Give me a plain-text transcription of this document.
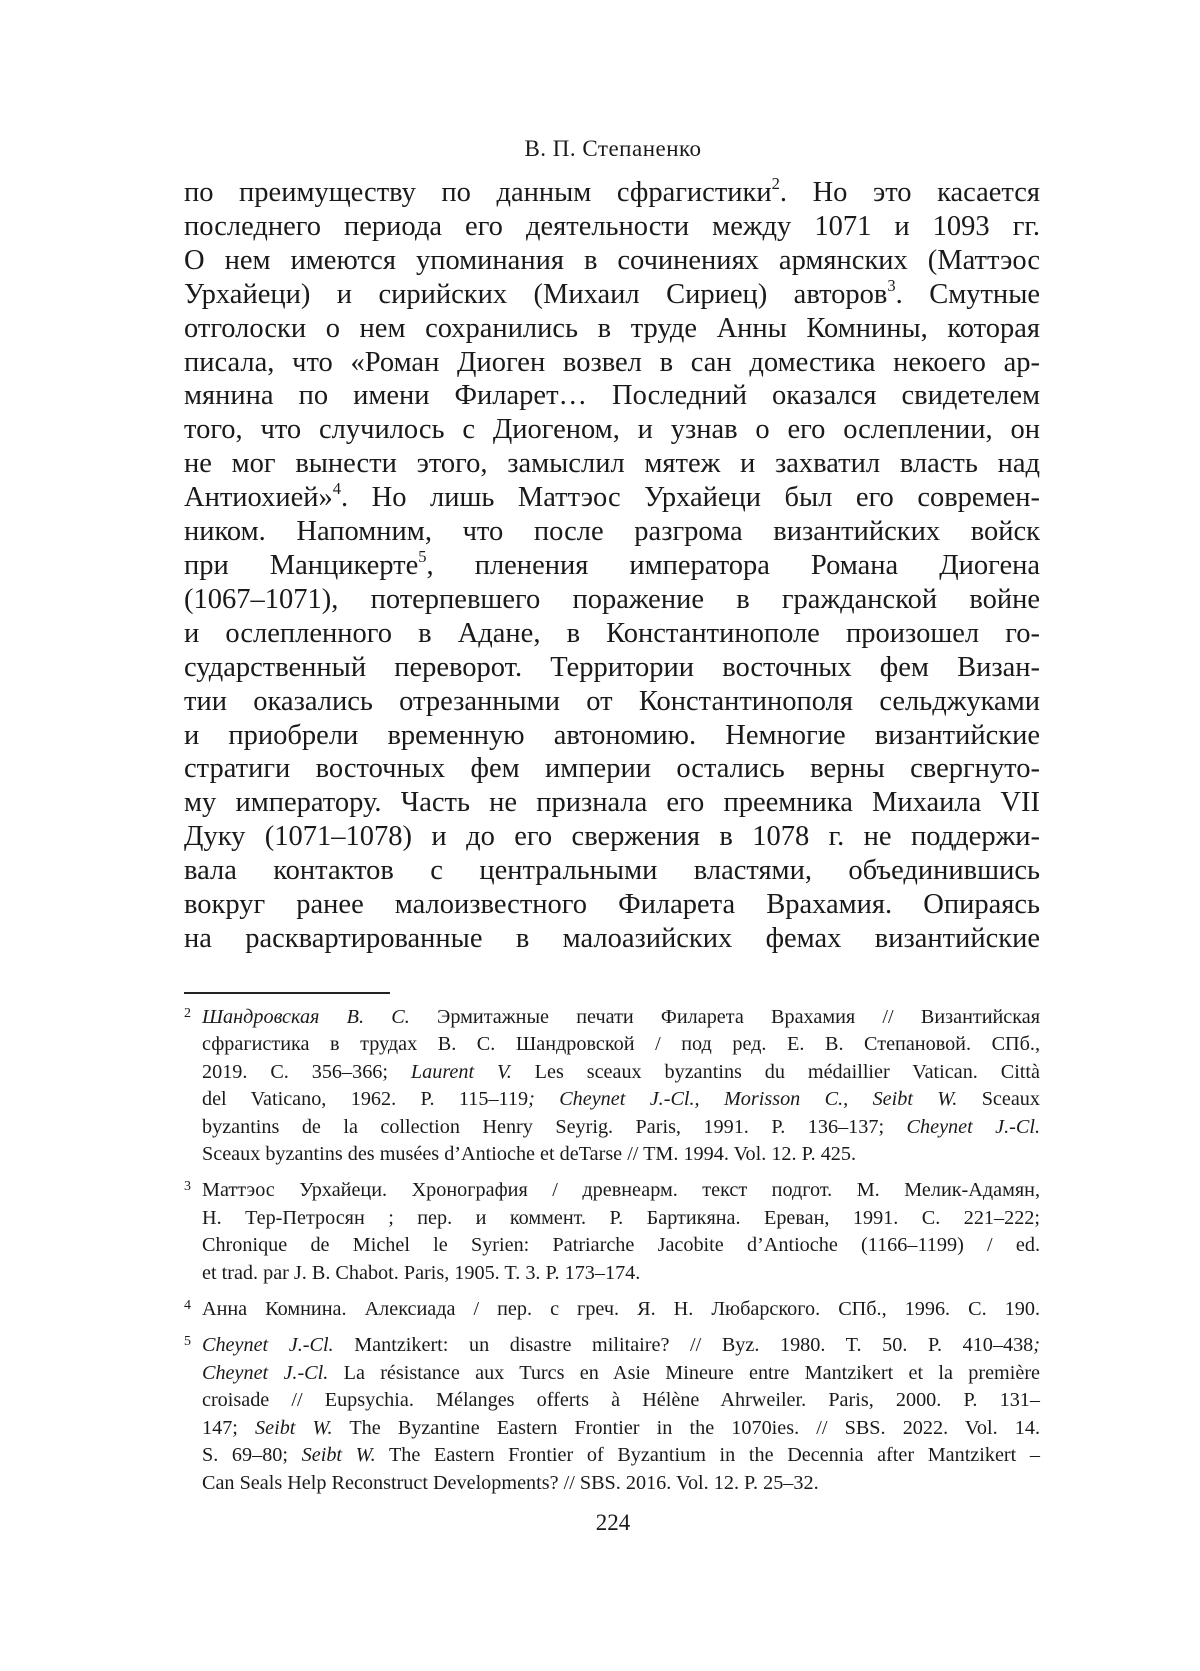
В. П. Степаненко
по преимуществу по данным сфрагистики$^2$. Но это касается
последнего периода его деятельности между 1071 и 1093 гг.
О нем имеются упоминания в сочинениях армянских (Маттэос
Урхайеци) и сирийских (Михаил Сириец) авторов$^3$. Смутные
отголоски о нем сохранились в труде Анны Комнины, которая
писала, что «Роман Диоген возвел в сан доместика некоего ар-
мянина по имени Филарет… Последний оказался свидетелем
того, что случилось с Диогеном, и узнав о его ослеплении, он
не мог вынести этого, замыслил мятеж и захватил власть над
Антиохией»$^4$. Но лишь Маттэос Урхайеци был его современ-
ником. Напомним, что после разгрома византийских войск
при Манцикерте$^5$, пленения императора Романа Диогена
(1067–1071), потерпевшего поражение в гражданской войне
и ослепленного в Адане, в Константинополе произошел го-
сударственный переворот. Территории восточных фем Визан-
тии оказались отрезанными от Константинополя сельджуками
и приобрели временную автономию. Немногие византийские
стратиги восточных фем империи остались верны свергнуто-
му императору. Часть не признала его преемника Михаила VII
Дуку (1071–1078) и до его свержения в 1078 г. не поддержи-
вала контактов с центральными властями, объединившись
вокруг ранее малоизвестного Филарета Врахамия. Опираясь
на расквартированные в малоазийских фемах византийские
2 Шандровская В. С. Эрмитажные печати Филарета Врахамия // Византийская
сфрагистика в трудах В. С. Шандровской / под ред. Е. В. Степановой. СПб.,
2019. С. 356–366; Laurent V. Les sceaux byzantins du médaillier Vatican. Città
del Vaticano, 1962. P. 115–119; Cheynet J.-Cl., Morisson C., Seibt W. Sceaux
byzantins de la collection Henry Seyrig. Paris, 1991. P. 136–137; Cheynet J.-Cl.
Sceaux byzantins des musées d’Antioche et deTarse // TM. 1994. Vol. 12. P. 425.
3 Маттэос Урхайеци. Хронография / древнеарм. текст подгот. М. Мелик-Адамян,
Н. Тер-Петросян ; пер. и коммент. Р. Бартикяна. Ереван, 1991. С. 221–222;
Chronique de Michel le Syrien: Patriarche Jacobite d’Antioche (1166–1199) / ed.
et trad. par J. B. Chabot. Paris, 1905. T. 3. P. 173–174.
4 Анна Комнина. Алексиада / пер. с греч. Я. Н. Любарского. СПб., 1996. С. 190.
5 Cheynet J.-Cl. Mantzikert: un disastre militaire? // Byz. 1980. T. 50. P. 410–438;
Cheynet J.-Cl. La résistance aux Turcs en Asie Mineure entre Mantzikert et la première
croisade // Eupsychia. Mélanges offerts à Hélène Ahrweiler. Paris, 2000. P. 131–
147; Seibt W. The Byzantine Eastern Frontier in the 1070ies. // SBS. 2022. Vol. 14.
S. 69–80; Seibt W. The Eastern Frontier of Byzantium in the Decennia after Mantzikert –
Can Seals Help Reconstruct Developments? // SBS. 2016. Vol. 12. P. 25–32.
224
